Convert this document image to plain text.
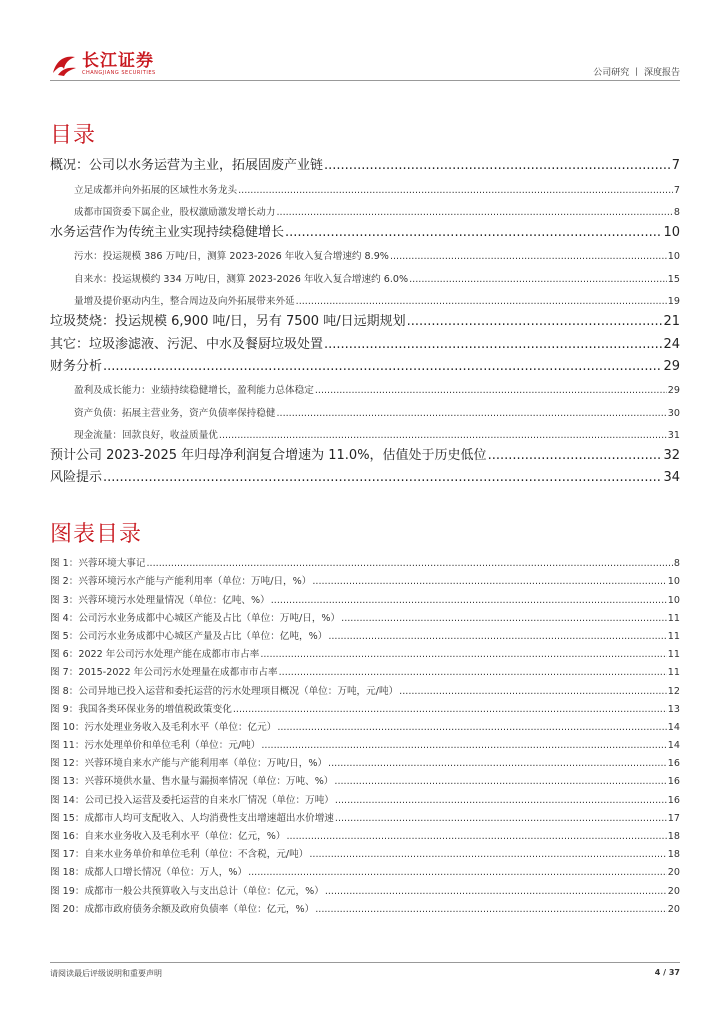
长江证券
CHANGJIANG SECURITIES	公司研究 丨 深度报告
目录
概况：公司以水务运营为主业，拓展固废产业链 .....	7
立足成都并向外拓展的区域性水务龙头 .....	7
成都市国资委下属企业，股权激励激发增长动力 .....	8
水务运营作为传统主业实现持续稳健增长 .....	10
污水：投运规模 386 万吨/日，测算 2023-2026 年收入复合增速约 8.9% .....	10
自来水：投运规模约 334 万吨/日，测算 2023-2026 年收入复合增速约 6.0% .....	15
量增及提价驱动内生，整合周边及向外拓展带来外延 .....	19
垃圾焚烧：投运规模 6,900 吨/日，另有 7500 吨/日远期规划 .....	21
其它：垃圾渗滤液、污泥、中水及餐厨垃圾处置 .....	24
财务分析 .....	29
盈利及成长能力：业绩持续稳健增长，盈利能力总体稳定 .....	29
资产负债：拓展主营业务，资产负债率保持稳健 .....	30
现金流量：回款良好，收益质量优 .....	31
预计公司 2023-2025 年归母净利润复合增速为 11.0%，估值处于历史低位 .....	32
风险提示 .....	34
图表目录
图 1：兴蓉环境大事记 .....	8
图 2：兴蓉环境污水产能与产能利用率（单位：万吨/日，%） .....	10
图 3：兴蓉环境污水处理量情况（单位：亿吨、%） .....	10
图 4：公司污水业务成都中心城区产能及占比（单位：万吨/日，%） .....	11
图 5：公司污水业务成都中心城区产量及占比（单位：亿吨，%） .....	11
图 6：2022 年公司污水处理产能在成都市市占率 .....	11
图 7：2015-2022 年公司污水处理量在成都市市占率 .....	11
图 8：公司异地已投入运营和委托运营的污水处理项目概况（单位：万吨，元/吨） .....	12
图 9：我国各类环保业务的增值税政策变化 .....	13
图 10：污水处理业务收入及毛利水平（单位：亿元） .....	14
图 11：污水处理单价和单位毛利（单位：元/吨） .....	14
图 12：兴蓉环境自来水产能与产能利用率（单位：万吨/日，%） .....	16
图 13：兴蓉环境供水量、售水量与漏损率情况（单位：万吨、%） .....	16
图 14：公司已投入运营及委托运营的自来水厂情况（单位：万吨） .....	16
图 15：成都市人均可支配收入、人均消费性支出增速超出水价增速 .....	17
图 16：自来水业务收入及毛利水平（单位：亿元，%） .....	18
图 17：自来水业务单价和单位毛利（单位：不含税，元/吨） .....	18
图 18：成都人口增长情况（单位：万人，%） .....	20
图 19：成都市一般公共预算收入与支出总计（单位：亿元，%） .....	20
图 20：成都市政府债务余额及政府负债率（单位：亿元，%） .....	20
请阅读最后评级说明和重要声明	4 / 37
